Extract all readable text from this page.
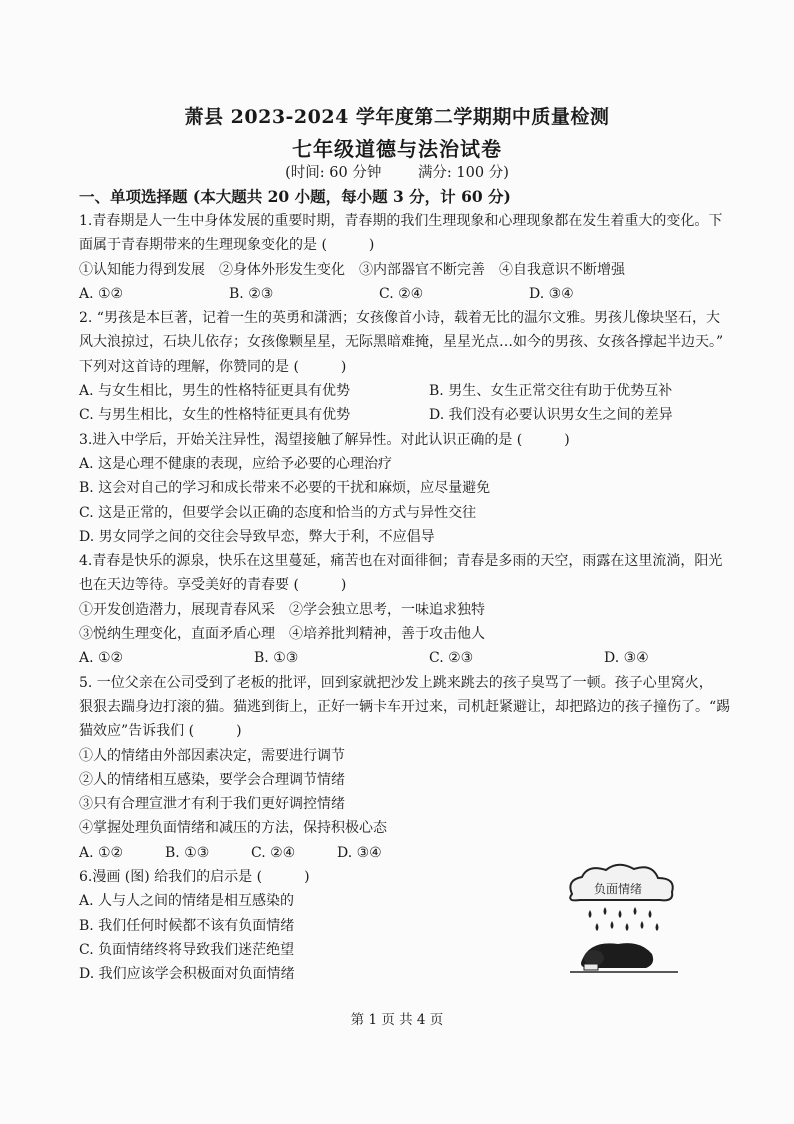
萧县 2023-2024 学年度第二学期期中质量检测
七年级道德与法治试卷
(时间: 60 分钟	满分: 100 分)
一、单项选择题 (本大题共 20 小题，每小题 3 分，计 60 分)
1.青春期是人一生中身体发展的重要时期，青春期的我们生理现象和心理现象都在发生着重大的变化。下
面属于青春期带来的生理现象变化的是 (　　　)
①认知能力得到发展　②身体外形发生变化　③内部器官不断完善　④自我意识不断增强
A. ①②	B. ②③	C. ②④	D. ③④
2. “男孩是本巨著，记着一生的英勇和潇洒；女孩像首小诗，载着无比的温尔文雅。男孩儿像块坚石，大
风大浪掠过，石块儿依存；女孩像颗星星，无际黑暗难掩，星星光点…如今的男孩、女孩各撑起半边天。”
下列对这首诗的理解，你赞同的是 (　　　)
A. 与女生相比，男生的性格特征更具有优势	B. 男生、女生正常交往有助于优势互补
C. 与男生相比，女生的性格特征更具有优势	D. 我们没有必要认识男女生之间的差异
3.进入中学后，开始关注异性，渴望接触了解异性。对此认识正确的是 (　　　)
A. 这是心理不健康的表现，应给予必要的心理治疗
B. 这会对自己的学习和成长带来不必要的干扰和麻烦，应尽量避免
C. 这是正常的，但要学会以正确的态度和恰当的方式与异性交往
D. 男女同学之间的交往会导致早恋，弊大于利，不应倡导
4.青春是快乐的源泉，快乐在这里蔓延，痛苦也在对面徘徊；青春是多雨的天空，雨露在这里流淌，阳光
也在天边等待。享受美好的青春要 (　　　)
①开发创造潜力，展现青春风采　②学会独立思考，一味追求独特
③悦纳生理变化，直面矛盾心理　④培养批判精神，善于攻击他人
A. ①②	B. ①③	C. ②③	D. ③④
5. 一位父亲在公司受到了老板的批评，回到家就把沙发上跳来跳去的孩子臭骂了一顿。孩子心里窝火，
狠狠去踹身边打滚的猫。猫逃到街上，正好一辆卡车开过来，司机赶紧避让，却把路边的孩子撞伤了。“踢
猫效应”告诉我们 (　　　)
①人的情绪由外部因素决定，需要进行调节
②人的情绪相互感染，要学会合理调节情绪
③只有合理宣泄才有利于我们更好调控情绪
④掌握处理负面情绪和减压的方法，保持积极心态
A. ①②	B. ①③	C. ②④	D. ③④
6.漫画 (图) 给我们的启示是 (　　　)
A. 人与人之间的情绪是相互感染的
B. 我们任何时候都不该有负面情绪
C. 负面情绪终将导致我们迷茫绝望
D. 我们应该学会积极面对负面情绪
负面情绪
第 1 页 共 4 页
